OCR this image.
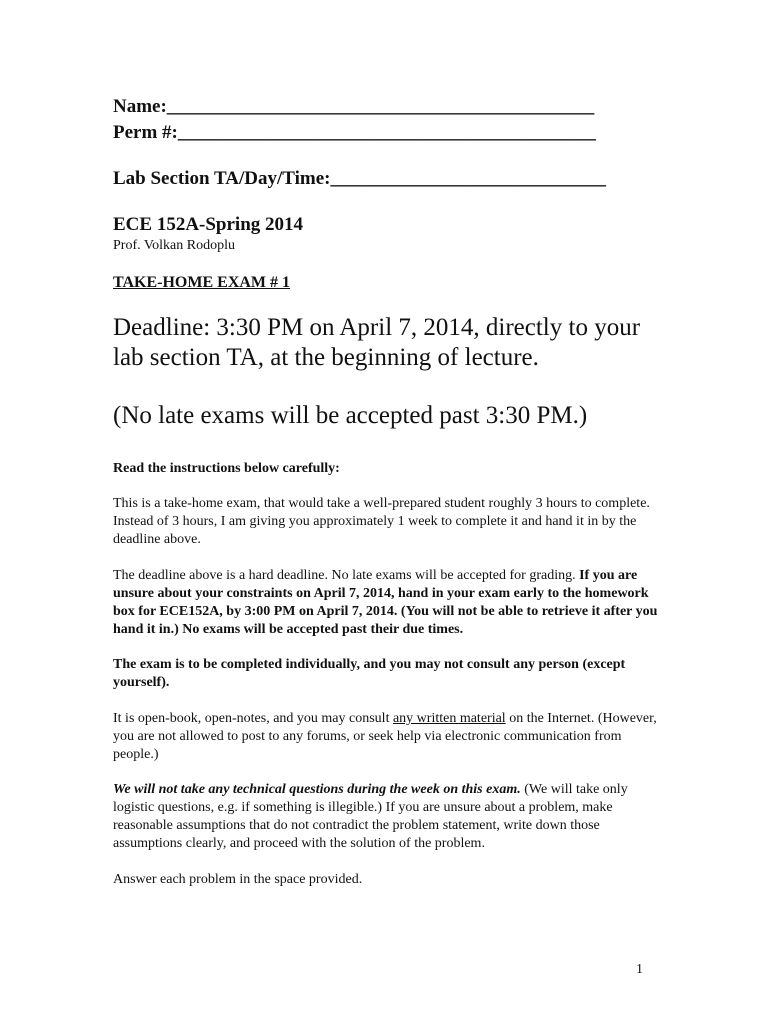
Name:_____________________________________________
Perm #:____________________________________________
Lab Section TA/Day/Time:_____________________________
ECE 152A-Spring 2014
Prof. Volkan Rodoplu
TAKE-HOME EXAM # 1
Deadline: 3:30 PM on April 7, 2014, directly to your lab section TA, at the beginning of lecture.
(No late exams will be accepted past 3:30 PM.)
Read the instructions below carefully:
This is a take-home exam, that would take a well-prepared student roughly 3 hours to complete. Instead of 3 hours, I am giving you approximately 1 week to complete it and hand it in by the deadline above.
The deadline above is a hard deadline. No late exams will be accepted for grading. If you are unsure about your constraints on April 7, 2014, hand in your exam early to the homework box for ECE152A, by 3:00 PM on April 7, 2014. (You will not be able to retrieve it after you hand it in.) No exams will be accepted past their due times.
The exam is to be completed individually, and you may not consult any person (except yourself).
It is open-book, open-notes, and you may consult any written material on the Internet. (However, you are not allowed to post to any forums, or seek help via electronic communication from people.)
We will not take any technical questions during the week on this exam. (We will take only logistic questions, e.g. if something is illegible.) If you are unsure about a problem, make reasonable assumptions that do not contradict the problem statement, write down those assumptions clearly, and proceed with the solution of the problem.
Answer each problem in the space provided.
1
